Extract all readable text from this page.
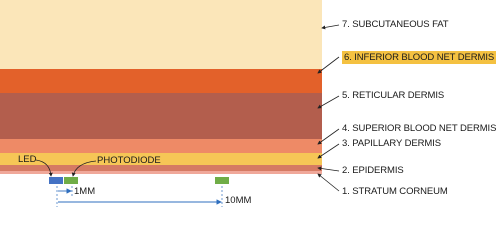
7. SUBCUTANEOUS FAT
6. INFERIOR BLOOD NET DERMIS
5. RETICULAR DERMIS
4. SUPERIOR BLOOD NET DERMIS
3. PAPILLARY DERMIS
2. EPIDERMIS
1. STRATUM CORNEUM
LED	PHOTODIODE
1MM
10MM
